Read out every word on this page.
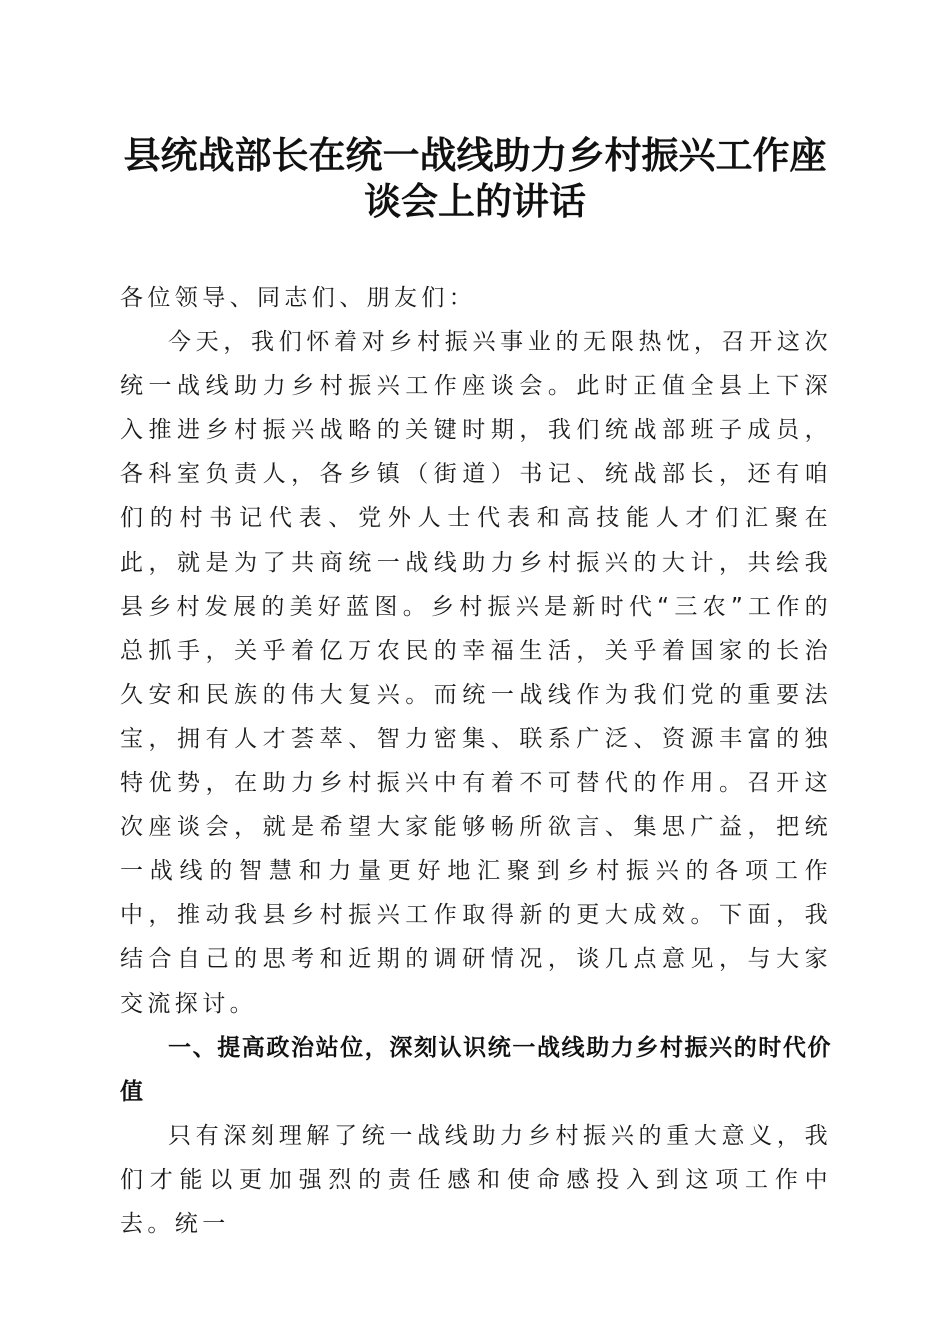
县统战部长在统一战线助力乡村振兴工作座谈会上的讲话

各位领导、同志们、朋友们：

今天，我们怀着对乡村振兴事业的无限热忱，召开这次统一战线助力乡村振兴工作座谈会。此时正值全县上下深入推进乡村振兴战略的关键时期，我们统战部班子成员，各科室负责人，各乡镇（街道）书记、统战部长，还有咱们的村书记代表、党外人士代表和高技能人才们汇聚在此，就是为了共商统一战线助力乡村振兴的大计，共绘我县乡村发展的美好蓝图。乡村振兴是新时代“三农”工作的总抓手，关乎着亿万农民的幸福生活，关乎着国家的长治久安和民族的伟大复兴。而统一战线作为我们党的重要法宝，拥有人才荟萃、智力密集、联系广泛、资源丰富的独特优势，在助力乡村振兴中有着不可替代的作用。召开这次座谈会，就是希望大家能够畅所欲言、集思广益，把统一战线的智慧和力量更好地汇聚到乡村振兴的各项工作中，推动我县乡村振兴工作取得新的更大成效。下面，我结合自己的思考和近期的调研情况，谈几点意见，与大家交流探讨。

一、提高政治站位，深刻认识统一战线助力乡村振兴的时代价值

只有深刻理解了统一战线助力乡村振兴的重大意义，我们才能以更加强烈的责任感和使命感投入到这项工作中去。统一
